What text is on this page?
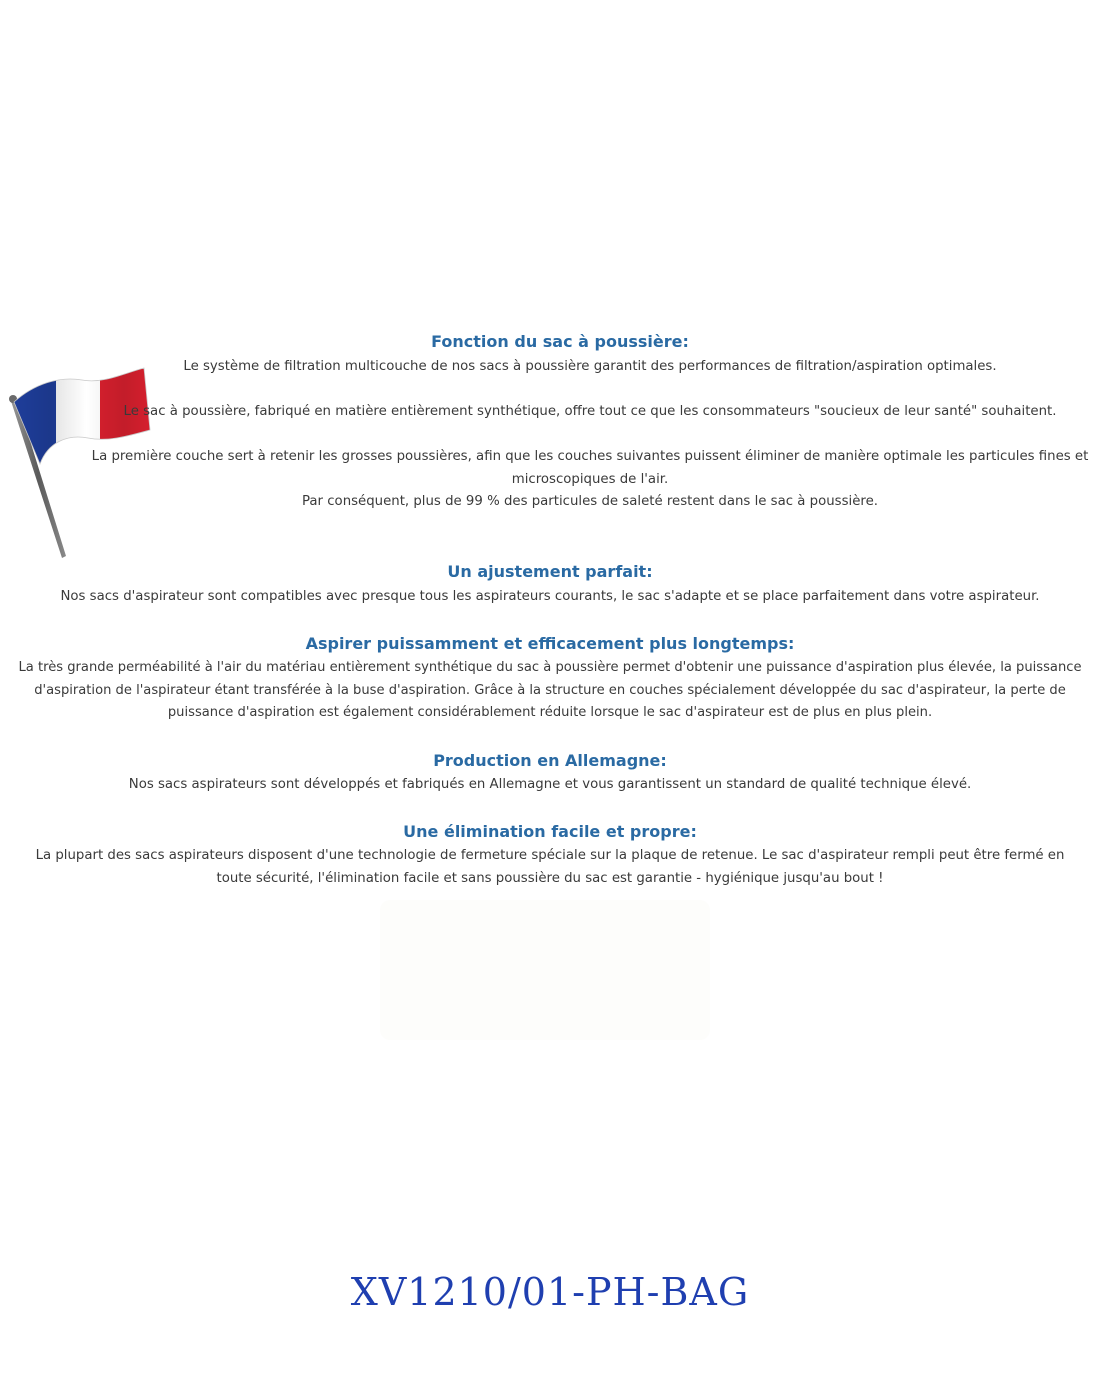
Fonction du sac à poussière:

Le système de filtration multicouche de nos sacs à poussière garantit des performances de filtration/aspiration optimales.

Le sac à poussière, fabriqué en matière entièrement synthétique, offre tout ce que les consommateurs "soucieux de leur santé" souhaitent.

La première couche sert à retenir les grosses poussières, afin que les couches suivantes puissent éliminer de manière optimale les particules fines et microscopiques de l'air.

Par conséquent, plus de 99 % des particules de saleté restent dans le sac à poussière.

Un ajustement parfait:

Nos sacs d'aspirateur sont compatibles avec presque tous les aspirateurs courants, le sac s'adapte et se place parfaitement dans votre aspirateur.

Aspirer puissamment et efficacement plus longtemps:

La très grande perméabilité à l'air du matériau entièrement synthétique du sac à poussière permet d'obtenir une puissance d'aspiration plus élevée, la puissance d'aspiration de l'aspirateur étant transférée à la buse d'aspiration. Grâce à la structure en couches spécialement développée du sac d'aspirateur, la perte de puissance d'aspiration est également considérablement réduite lorsque le sac d'aspirateur est de plus en plus plein.

Production en Allemagne:

Nos sacs aspirateurs sont développés et fabriqués en Allemagne et vous garantissent un standard de qualité technique élevé.

Une élimination facile et propre:

La plupart des sacs aspirateurs disposent d'une technologie de fermeture spéciale sur la plaque de retenue. Le sac d'aspirateur rempli peut être fermé en toute sécurité, l'élimination facile et sans poussière du sac est garantie - hygiénique jusqu'au bout !

XV1210/01-PH-BAG
